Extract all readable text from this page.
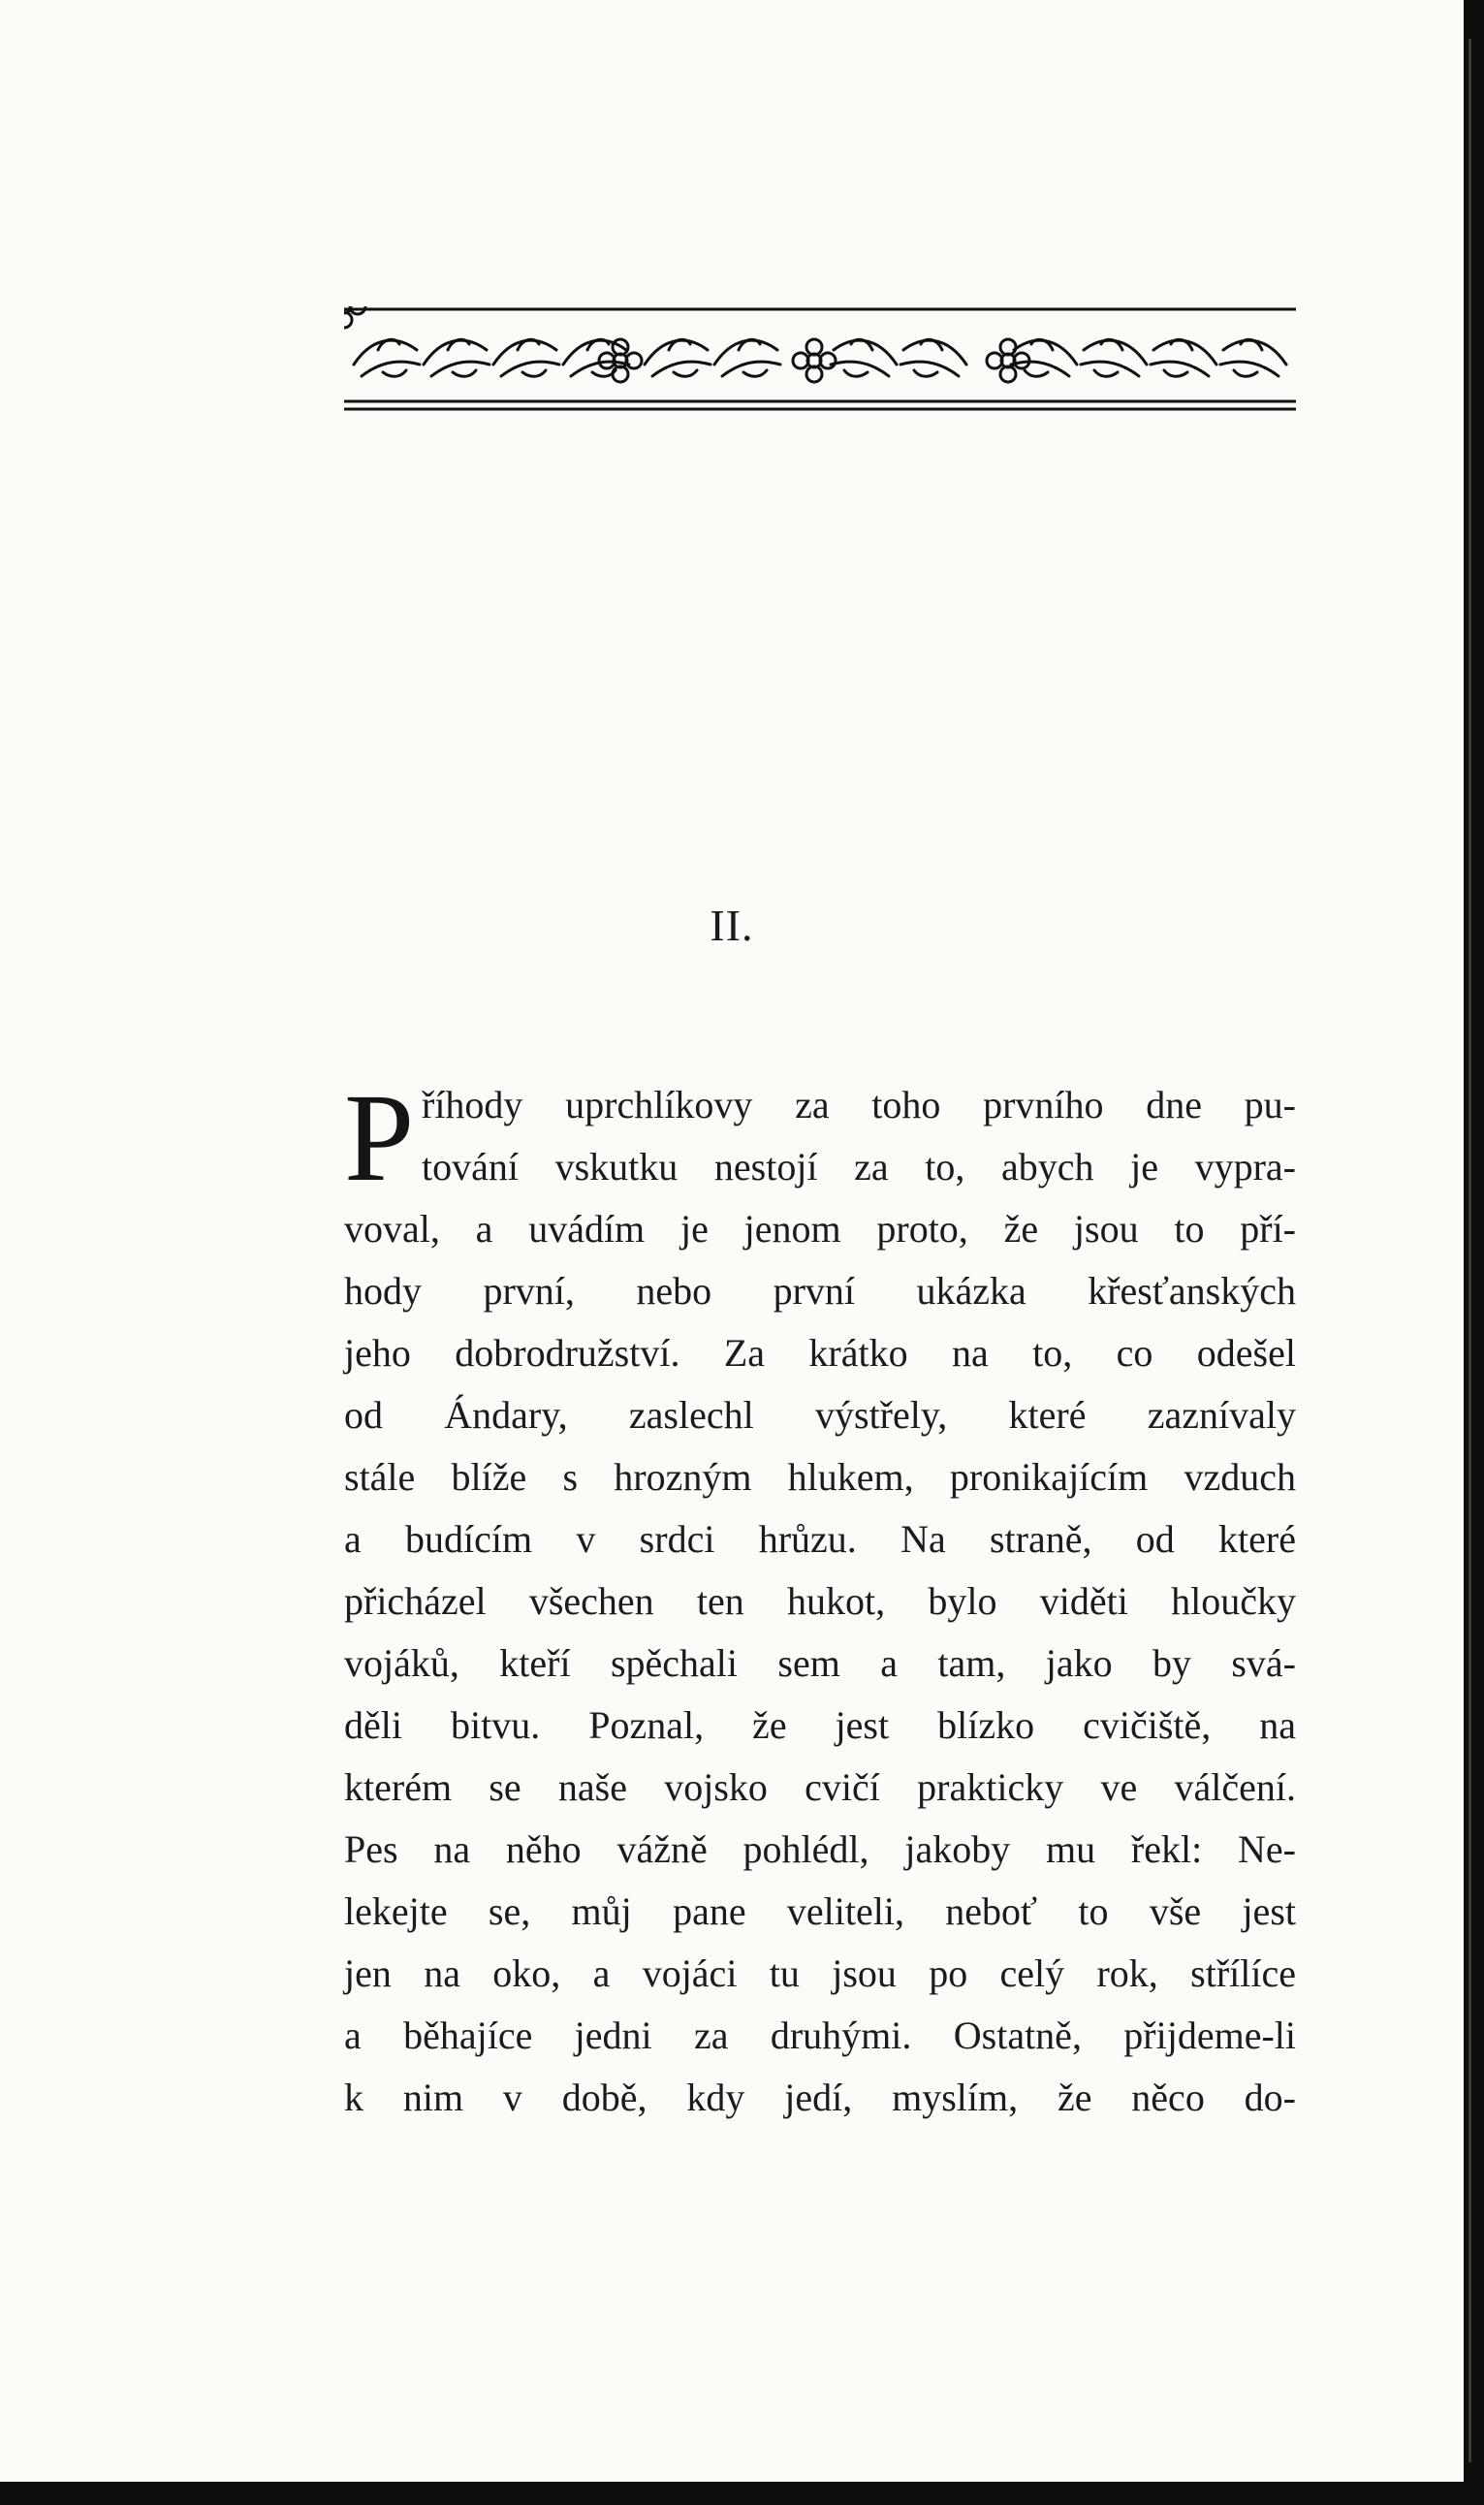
II.
P říhody uprchlíkovy za toho prvního dne pu-
tování vskutku nestojí za to, abych je vypra-
voval, a uvádím je jenom proto, že jsou to pří-
hody první, nebo první ukázka křesťanských
jeho dobrodružství. Za krátko na to, co odešel
od Ándary, zaslechl výstřely, které zaznívaly
stále blíže s hrozným hlukem, pronikajícím vzduch
a budícím v srdci hrůzu. Na straně, od které
přicházel všechen ten hukot, bylo viděti hloučky
vojáků, kteří spěchali sem a tam, jako by svá-
děli bitvu. Poznal, že jest blízko cvičiště, na
kterém se naše vojsko cvičí prakticky ve válčení.
Pes na něho vážně pohlédl, jakoby mu řekl: Ne-
lekejte se, můj pane veliteli, neboť to vše jest
jen na oko, a vojáci tu jsou po celý rok, střílíce
a běhajíce jedni za druhými. Ostatně, přijdeme-li
k nim v době, kdy jedí, myslím, že něco do-
